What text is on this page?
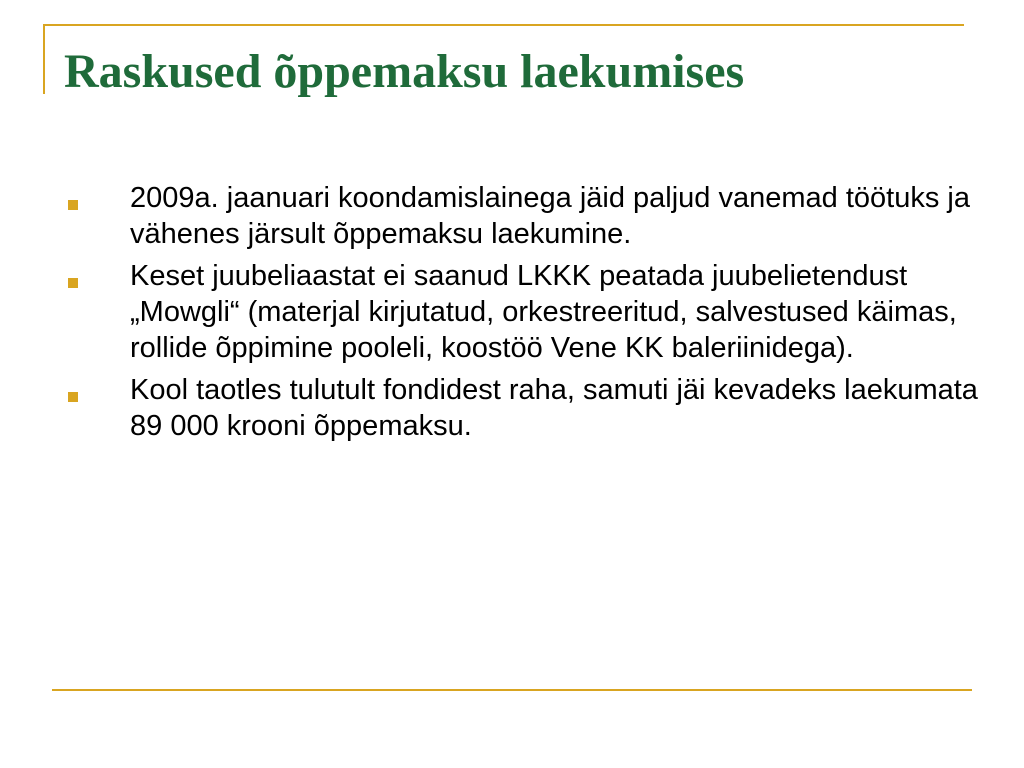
Raskused õppemaksu laekumises
2009a. jaanuari koondamislainega jäid paljud vanemad töötuks ja vähenes järsult õppemaksu laekumine.
Keset juubeliaastat ei saanud LKKK peatada juubelietendust „Mowgli“ (materjal kirjutatud, orkestreeritud, salvestused käimas, rollide õppimine pooleli, koostöö Vene KK baleriinidega).
Kool taotles tulutult fondidest raha, samuti jäi kevadeks laekumata 89 000 krooni õppemaksu.
